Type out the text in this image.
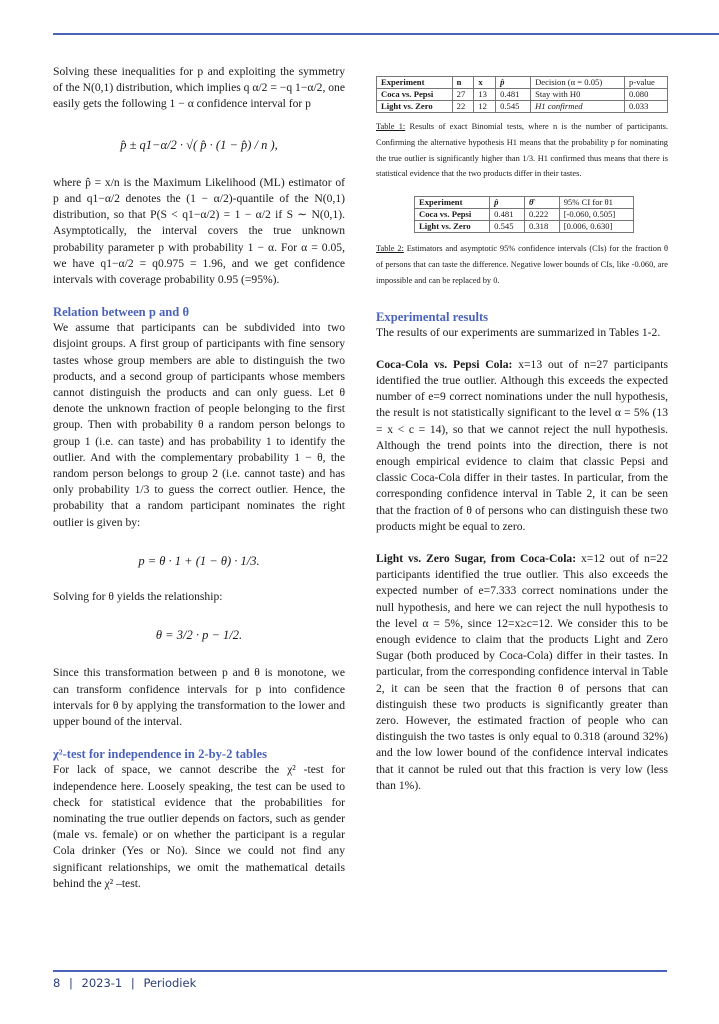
Solving these inequalities for p and exploiting the symmetry of the N(0,1) distribution, which implies q α/2 = −q 1−α/2, one easily gets the following 1 − α confidence interval for p

p̂ ± q1−α/2 · √( p̂ · (1 − p̂) / n ),

where p̂ = x/n is the Maximum Likelihood (ML) estimator of p and q1−α/2 denotes the (1 − α/2)-quantile of the N(0,1) distribution, so that P(S < q1−α/2) = 1 − α/2 if S ∼ N(0,1). Asymptotically, the interval covers the true unknown probability parameter p with probability 1 − α. For α = 0.05, we have q1−α/2 = q0.975 = 1.96, and we get confidence intervals with coverage probability 0.95 (=95%).

Relation between p and θ

We assume that participants can be subdivided into two disjoint groups. A first group of participants with fine sensory tastes whose group members are able to distinguish the two products, and a second group of participants whose members cannot distinguish the products and can only guess. Let θ denote the unknown fraction of people belonging to the first group. Then with probability θ a random person belongs to group 1 (i.e. can taste) and has probability 1 to identify the outlier. And with the complementary probability 1 − θ, the random person belongs to group 2 (i.e. cannot taste) and has only probability 1/3 to guess the correct outlier. Hence, the probability that a random participant nominates the right outlier is given by:

p = θ · 1 + (1 − θ) · 1/3.

Solving for θ yields the relationship:

θ = 3/2 · p − 1/2.

Since this transformation between p and θ is monotone, we can transform confidence intervals for p into confidence intervals for θ by applying the transformation to the lower and upper bound of the interval.

χ²-test for independence in 2-by-2 tables

For lack of space, we cannot describe the χ² -test for independence here. Loosely speaking, the test can be used to check for statistical evidence that the probabilities for nominating the true outlier depends on factors, such as gender (male vs. female) or on whether the participant is a regular Cola drinker (Yes or No). Since we could not find any significant relationships, we omit the mathematical details behind the χ² –test.

Experiment	n	x	p̂	Decision (α = 0.05)	p-value
Coca vs. Pepsi	27	13	0.481	Stay with H0	0.080
Light vs. Zero	22	12	0.545	H1 confirmed	0.033

Table 1: Results of exact Binomial tests, where n is the number of participants. Confirming the alternative hypothesis H1 means that the probability p for nominating the true outlier is significantly higher than 1/3. H1 confirmed thus means that there is statistical evidence that the two products differ in their tastes.

Experiment	p̂	θ̂	95% CI for θ1
Coca vs. Pepsi	0.481	0.222	[-0.060, 0.505]
Light vs. Zero	0.545	0.318	[0.006, 0.630]

Table 2: Estimators and asymptotic 95% confidence intervals (CIs) for the fraction θ of persons that can taste the difference. Negative lower bounds of CIs, like -0.060, are impossible and can be replaced by 0.

Experimental results

The results of our experiments are summarized in Tables 1-2.

Coca-Cola vs. Pepsi Cola: x=13 out of n=27 participants identified the true outlier. Although this exceeds the expected number of e=9 correct nominations under the null hypothesis, the result is not statistically significant to the level α = 5% (13 = x < c = 14), so that we cannot reject the null hypothesis. Although the trend points into the direction, there is not enough empirical evidence to claim that classic Pepsi and classic Coca-Cola differ in their tastes. In particular, from the corresponding confidence interval in Table 2, it can be seen that the fraction of θ of persons who can distinguish these two products might be equal to zero.

Light vs. Zero Sugar, from Coca-Cola: x=12 out of n=22 participants identified the true outlier. This also exceeds the expected number of e=7.333 correct nominations under the null hypothesis, and here we can reject the null hypothesis to the level α = 5%, since 12=x≥c=12. We consider this to be enough evidence to claim that the products Light and Zero Sugar (both produced by Coca-Cola) differ in their tastes. In particular, from the corresponding confidence interval in Table 2, it can be seen that the fraction θ of persons that can distinguish these two products is significantly greater than zero. However, the estimated fraction of people who can distinguish the two tastes is only equal to 0.318 (around 32%) and the low lower bound of the confidence interval indicates that it cannot be ruled out that this fraction is very low (less than 1%).

8 | 2023-1 | Periodiek
